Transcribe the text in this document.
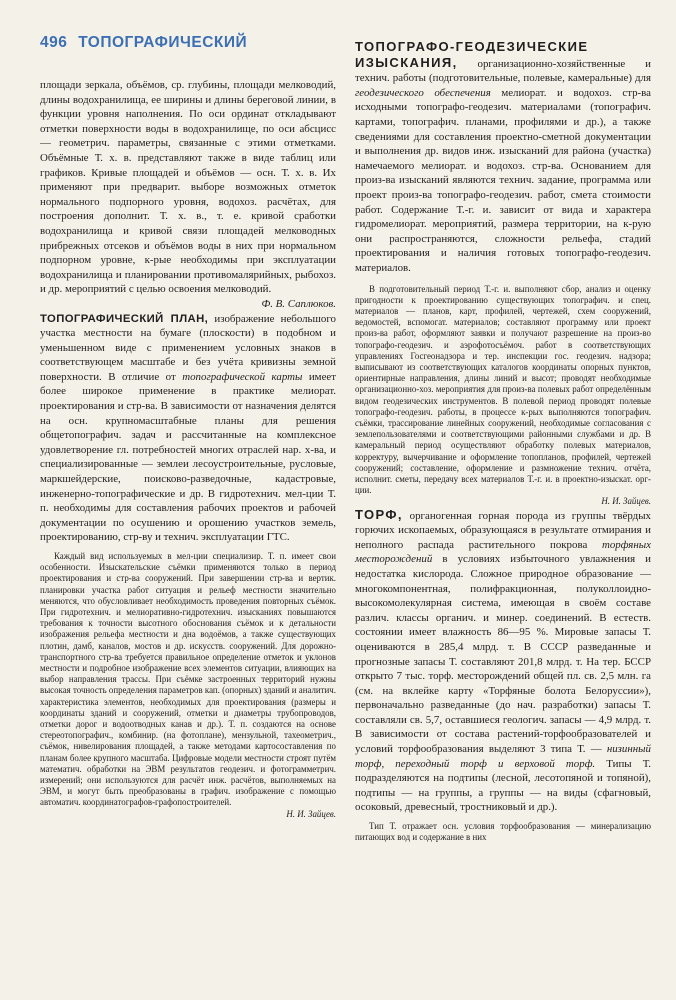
496 ТОПОГРАФИЧЕСКИЙ

площади зеркала, объёмов, ср. глубины, площади мелководий, длины водохранилища, ее ширины и длины береговой линии, в функции уровня наполнения. По оси ординат откладывают отметки поверхности воды в водохранилище, по оси абсцисс — геометрич. параметры, связанные с этими отметками. Объёмные Т. х. в. представляют также в виде таблиц или графиков. Кривые площадей и объёмов — осн. Т. х. в. Их применяют при предварит. выборе возможных отметок нормального подпорного уровня, водохоз. расчётах, для построения дополнит. Т. х. в., т. е. кривой сработки водохранилища и кривой связи площадей мелководных прибрежных отсеков и объёмов воды в них при нормальном подпорном уровне, к-рые необходимы при эксплуатации водохранилища и планировании противомалярийных, рыбохоз. и др. мероприятий с целью освоения мелководий.

Ф. В. Саплюков.

ТОПОГРАФИЧЕСКИЙ ПЛАН, изображение небольшого участка местности на бумаге (плоскости) в подобном и уменьшенном виде с применением условных знаков в соответствующем масштабе и без учёта кривизны земной поверхности. В отличие от топографической карты имеет более широкое применение в практике мелиорат. проектирования и стр-ва. В зависимости от назначения делятся на осн. крупномасштабные планы для решения общетопографич. задач и рассчитанные на комплексное удовлетворение гл. потребностей многих отраслей нар. х-ва, и специализированные — землеи лесоустроительные, русловые, маркшейдерские, поисково-разведочные, кадастровые, инженерно-топографические и др. В гидротехнич. мел-ции Т. п. необходимы для составления рабочих проектов и рабочей документации по осушению и орошению участков земель, проектированию, стр-ву и технич. эксплуатации ГТС.

Каждый вид используемых в мел-ции специализир. Т. п. имеет свои особенности. Изыскательские съёмки применяются только в период проектирования и стр-ва сооружений. При завершении стр-ва и вертик. планировки участка работ ситуация и рельеф местности значительно меняются, что обусловливает необходимость проведения повторных съёмок. При гидротехнич. и мелиоративно-гидротехнич. изысканиях повышаются требования к точности высотного обоснования съёмок и к детальности изображения рельефа местности и дна водоёмов, а также существующих плотин, дамб, каналов, мостов и др. искусств. сооружений. Для дорожно-транспортного стр-ва требуется правильное определение отметок и уклонов местности и подробное изображение всех элементов ситуации, влияющих на выбор направления трассы. При съёмке застроенных территорий нужны высокая точность определения параметров кап. (опорных) зданий и аналитич. характеристика элементов, необходимых для проектирования (размеры и координаты зданий и сооружений, отметки и диаметры трубопроводов, отметки дорог и водоотводных канав и др.). Т. п. создаются на основе стереотопографич., комбинир. (на фотоплане), мензульной, тахеометрич., съёмок, нивелирования площадей, а также методами картосоставления по планам более крупного масштаба. Цифровые модели местности строят путём математич. обработки на ЭВМ результатов геодезич. и фотограмметрич. измерений; они используются для расчёт инж. расчётов, выполняемых на ЭВМ, и могут быть преобразованы в графич. изображение с помощью автоматич. координатографов-графопостроителей.

Н. И. Зайцев.

ТОПОГРАФО-ГЕОДЕЗИЧЕСКИЕ ИЗЫСКАНИЯ, организационно-хозяйственные и технич. работы (подготовительные, полевые, камеральные) для геодезического обеспечения мелиорат. и водохоз. стр-ва исходными топографо-геодезич. материалами (топографич. картами, топографич. планами, профилями и др.), а также сведениями для составления проектно-сметной документации и выполнения др. видов инж. изысканий для района (участка) намечаемого мелиорат. и водохоз. стр-ва. Основанием для произ-ва изысканий являются технич. задание, программа или проект произ-ва топографо-геодезич. работ, смета стоимости работ. Содержание Т.-г. и. зависит от вида и характера гидромелиорат. мероприятий, размера территории, на к-рую они распространяются, сложности рельефа, стадий проектирования и наличия готовых топографо-геодезич. материалов.

В подготовительный период Т.-г. и. выполняют сбор, анализ и оценку пригодности к проектированию существующих топографич. и спец. материалов — планов, карт, профилей, чертежей, схем сооружений, ведомостей, вспомогат. материалов; составляют программу или проект произ-ва работ, оформляют заявки и получают разрешение на произ-во топографо-геодезич. и аэрофотосъёмоч. работ в соответствующих управлениях Госгеонадзора и тер. инспекции гос. геодезич. надзора; выписывают из соответствующих каталогов координаты опорных пунктов, ориентирные направления, длины линий и высот; проводят необходимые организационно-хоз. мероприятия для произ-ва полевых работ определённым видом геодезических инструментов. В полевой период проводят полевые топографо-геодезич. работы, в процессе к-рых выполняются топографич. съёмки, трассирование линейных сооружений, необходимые согласования с землепользователями и соответствующими районными службами и др. В камеральный период осуществляют обработку полевых материалов, корректуру, вычерчивание и оформление топопланов, профилей, чертежей сооружений; составление, оформление и размножение технич. отчёта, исполнит. сметы, передачу всех материалов Т.-г. и. в проектно-изыскат. орг-ции.

Н. И. Зайцев.

ТОРФ, органогенная горная порода из группы твёрдых горючих ископаемых, образующаяся в результате отмирания и неполного распада растительного покрова торфяных месторождений в условиях избыточного увлажнения и недостатка кислорода. Сложное природное образование — многокомпонентная, полифракционная, полуколлоидно-высокомолекулярная система, имеющая в своём составе различ. классы органич. и минер. соединений. В естеств. состоянии имеет влажность 86—95 %. Мировые запасы Т. оцениваются в 285,4 млрд. т. В СССР разведанные и прогнозные запасы Т. составляют 201,8 млрд. т. На тер. БССР открыто 7 тыс. торф. месторождений общей пл. св. 2,5 млн. га (см. на вклейке карту «Торфяные болота Белоруссии»), первоначально разведанные (до нач. разработки) запасы Т. составляли св. 5,7, оставшиеся геологич. запасы — 4,9 млрд. т. В зависимости от состава растений-торфообразователей и условий торфообразования выделяют 3 типа Т. — низинный торф, переходный торф и верховой торф. Типы Т. подразделяются на подтипы (лесной, лесотопяной и топяной), подтипы — на группы, а группы — на виды (сфагновый, осоковый, древесный, тростниковый и др.).

Тип Т. отражает осн. условия торфообразования — минерализацию питающих вод и содержание в них
